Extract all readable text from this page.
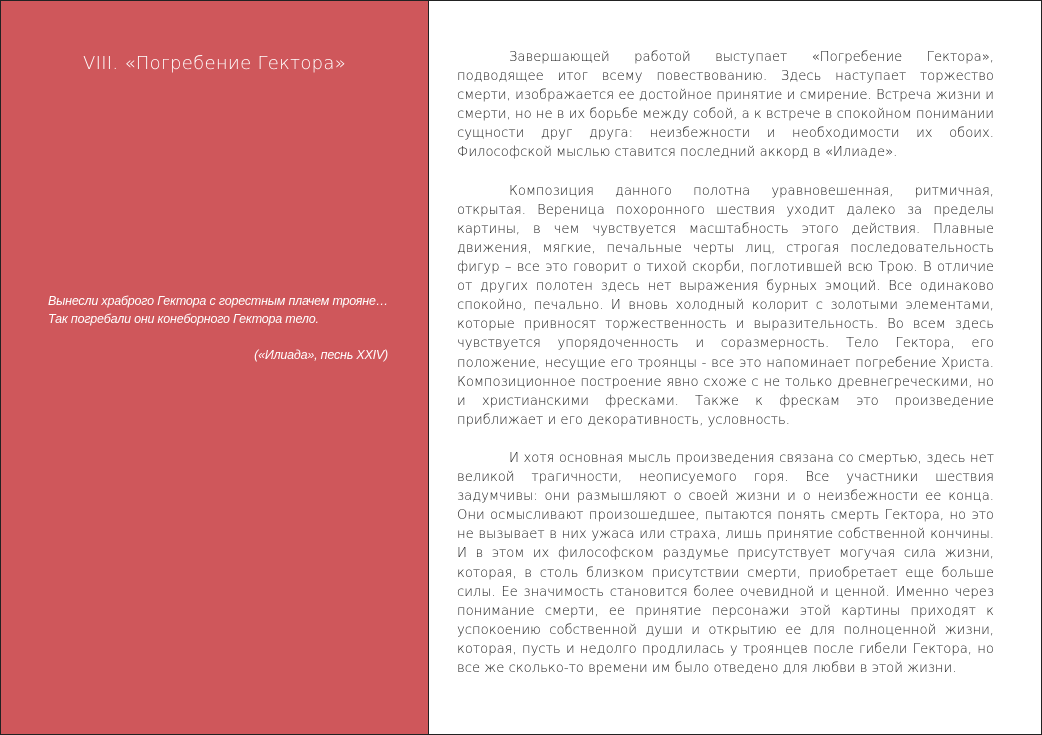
VIII. «Погребение Гектора»

Вынесли храброго Гектора с горестным плачем трояне…

Так погребали они конеборного Гектора тело.

(«Илиада», песнь XXIV)

Завершающей работой выступает «Погребение Гектора», подводящее итог всему повествованию. Здесь наступает торжество смерти, изображается ее достойное принятие и смирение. Встреча жизни и смерти, но не в их борьбе между собой, а к встрече в спокойном понимании сущности друг друга: неизбежности и необходимости их обоих. Философской мыслью ставится последний аккорд в «Илиаде».

Композиция данного полотна уравновешенная, ритмичная, открытая. Вереница похоронного шествия уходит далеко за пределы картины, в чем чувствуется масштабность этого действия. Плавные движения, мягкие, печальные черты лиц, строгая последовательность фигур – все это говорит о тихой скорби, поглотившей всю Трою. В отличие от других полотен здесь нет выражения бурных эмоций. Все одинаково спокойно, печально. И вновь холодный колорит с золотыми элементами, которые привносят торжественность и выразительность. Во всем здесь чувствуется упорядоченность и соразмерность. Тело Гектора, его положение, несущие его троянцы - все это напоминает погребение Христа. Композиционное построение явно схоже с не только древнегреческими, но и христианскими фресками. Также к фрескам это произведение приближает и его декоративность, условность.

И хотя основная мысль произведения связана со смертью, здесь нет великой трагичности, неописуемого горя. Все участники шествия задумчивы: они размышляют о своей жизни и о неизбежности ее конца. Они осмысливают произошедшее, пытаются понять смерть Гектора, но это не вызывает в них ужаса или страха, лишь принятие собственной кончины. И в этом их философском раздумье присутствует могучая сила жизни, которая, в столь близком присутствии смерти, приобретает еще больше силы. Ее значимость становится более очевидной и ценной. Именно через понимание смерти, ее принятие персонажи этой картины приходят к успокоению собственной души и открытию ее для полноценной жизни, которая, пусть и недолго продлилась у троянцев после гибели Гектора, но все же сколько-то времени им было отведено для любви в этой жизни.
